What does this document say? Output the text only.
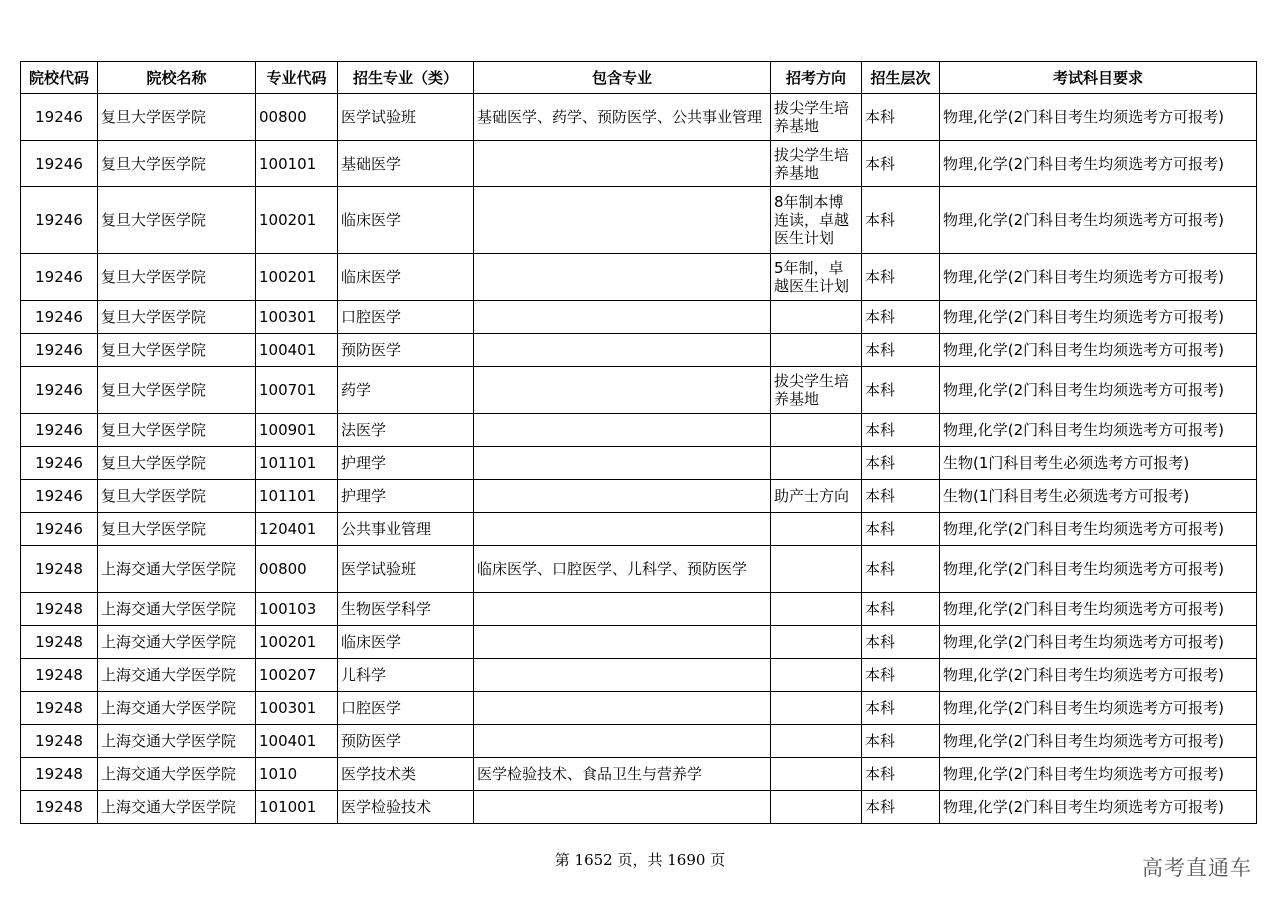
院校代码	院校名称	专业代码	招生专业（类）	包含专业	招考方向	招生层次	考试科目要求
19246	复旦大学医学院	00800	医学试验班	基础医学、药学、预防医学、公共事业管理	拔尖学生培养基地	本科	物理,化学(2门科目考生均须选考方可报考)
19246	复旦大学医学院	100101	基础医学		拔尖学生培养基地	本科	物理,化学(2门科目考生均须选考方可报考)
19246	复旦大学医学院	100201	临床医学		8年制本博连读，卓越医生计划	本科	物理,化学(2门科目考生均须选考方可报考)
19246	复旦大学医学院	100201	临床医学		5年制，卓越医生计划	本科	物理,化学(2门科目考生均须选考方可报考)
19246	复旦大学医学院	100301	口腔医学			本科	物理,化学(2门科目考生均须选考方可报考)
19246	复旦大学医学院	100401	预防医学			本科	物理,化学(2门科目考生均须选考方可报考)
19246	复旦大学医学院	100701	药学		拔尖学生培养基地	本科	物理,化学(2门科目考生均须选考方可报考)
19246	复旦大学医学院	100901	法医学			本科	物理,化学(2门科目考生均须选考方可报考)
19246	复旦大学医学院	101101	护理学			本科	生物(1门科目考生必须选考方可报考)
19246	复旦大学医学院	101101	护理学		助产士方向	本科	生物(1门科目考生必须选考方可报考)
19246	复旦大学医学院	120401	公共事业管理			本科	物理,化学(2门科目考生均须选考方可报考)
19248	上海交通大学医学院	00800	医学试验班	临床医学、口腔医学、儿科学、预防医学		本科	物理,化学(2门科目考生均须选考方可报考)
19248	上海交通大学医学院	100103	生物医学科学			本科	物理,化学(2门科目考生均须选考方可报考)
19248	上海交通大学医学院	100201	临床医学			本科	物理,化学(2门科目考生均须选考方可报考)
19248	上海交通大学医学院	100207	儿科学			本科	物理,化学(2门科目考生均须选考方可报考)
19248	上海交通大学医学院	100301	口腔医学			本科	物理,化学(2门科目考生均须选考方可报考)
19248	上海交通大学医学院	100401	预防医学			本科	物理,化学(2门科目考生均须选考方可报考)
19248	上海交通大学医学院	1010	医学技术类	医学检验技术、食品卫生与营养学		本科	物理,化学(2门科目考生均须选考方可报考)
19248	上海交通大学医学院	101001	医学检验技术			本科	物理,化学(2门科目考生均须选考方可报考)
第 1652 页，共 1690 页	高考直通车
